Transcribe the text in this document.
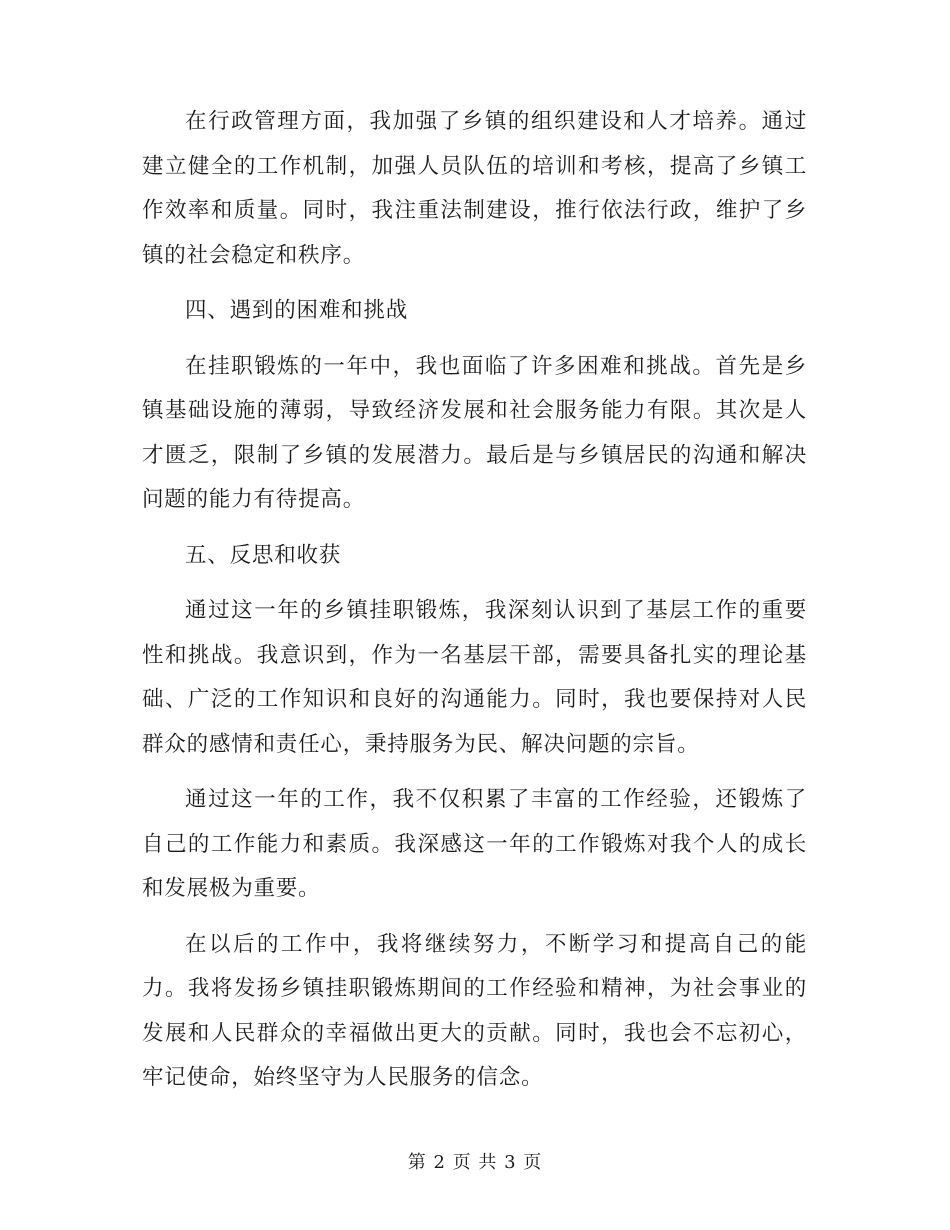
在行政管理方面，我加强了乡镇的组织建设和人才培养。通过建立健全的工作机制，加强人员队伍的培训和考核，提高了乡镇工作效率和质量。同时，我注重法制建设，推行依法行政，维护了乡镇的社会稳定和秩序。

四、遇到的困难和挑战

在挂职锻炼的一年中，我也面临了许多困难和挑战。首先是乡镇基础设施的薄弱，导致经济发展和社会服务能力有限。其次是人才匮乏，限制了乡镇的发展潜力。最后是与乡镇居民的沟通和解决问题的能力有待提高。

五、反思和收获

通过这一年的乡镇挂职锻炼，我深刻认识到了基层工作的重要性和挑战。我意识到，作为一名基层干部，需要具备扎实的理论基础、广泛的工作知识和良好的沟通能力。同时，我也要保持对人民群众的感情和责任心，秉持服务为民、解决问题的宗旨。

通过这一年的工作，我不仅积累了丰富的工作经验，还锻炼了自己的工作能力和素质。我深感这一年的工作锻炼对我个人的成长和发展极为重要。

在以后的工作中，我将继续努力，不断学习和提高自己的能力。我将发扬乡镇挂职锻炼期间的工作经验和精神，为社会事业的发展和人民群众的幸福做出更大的贡献。同时，我也会不忘初心，牢记使命，始终坚守为人民服务的信念。

第 2 页 共 3 页
